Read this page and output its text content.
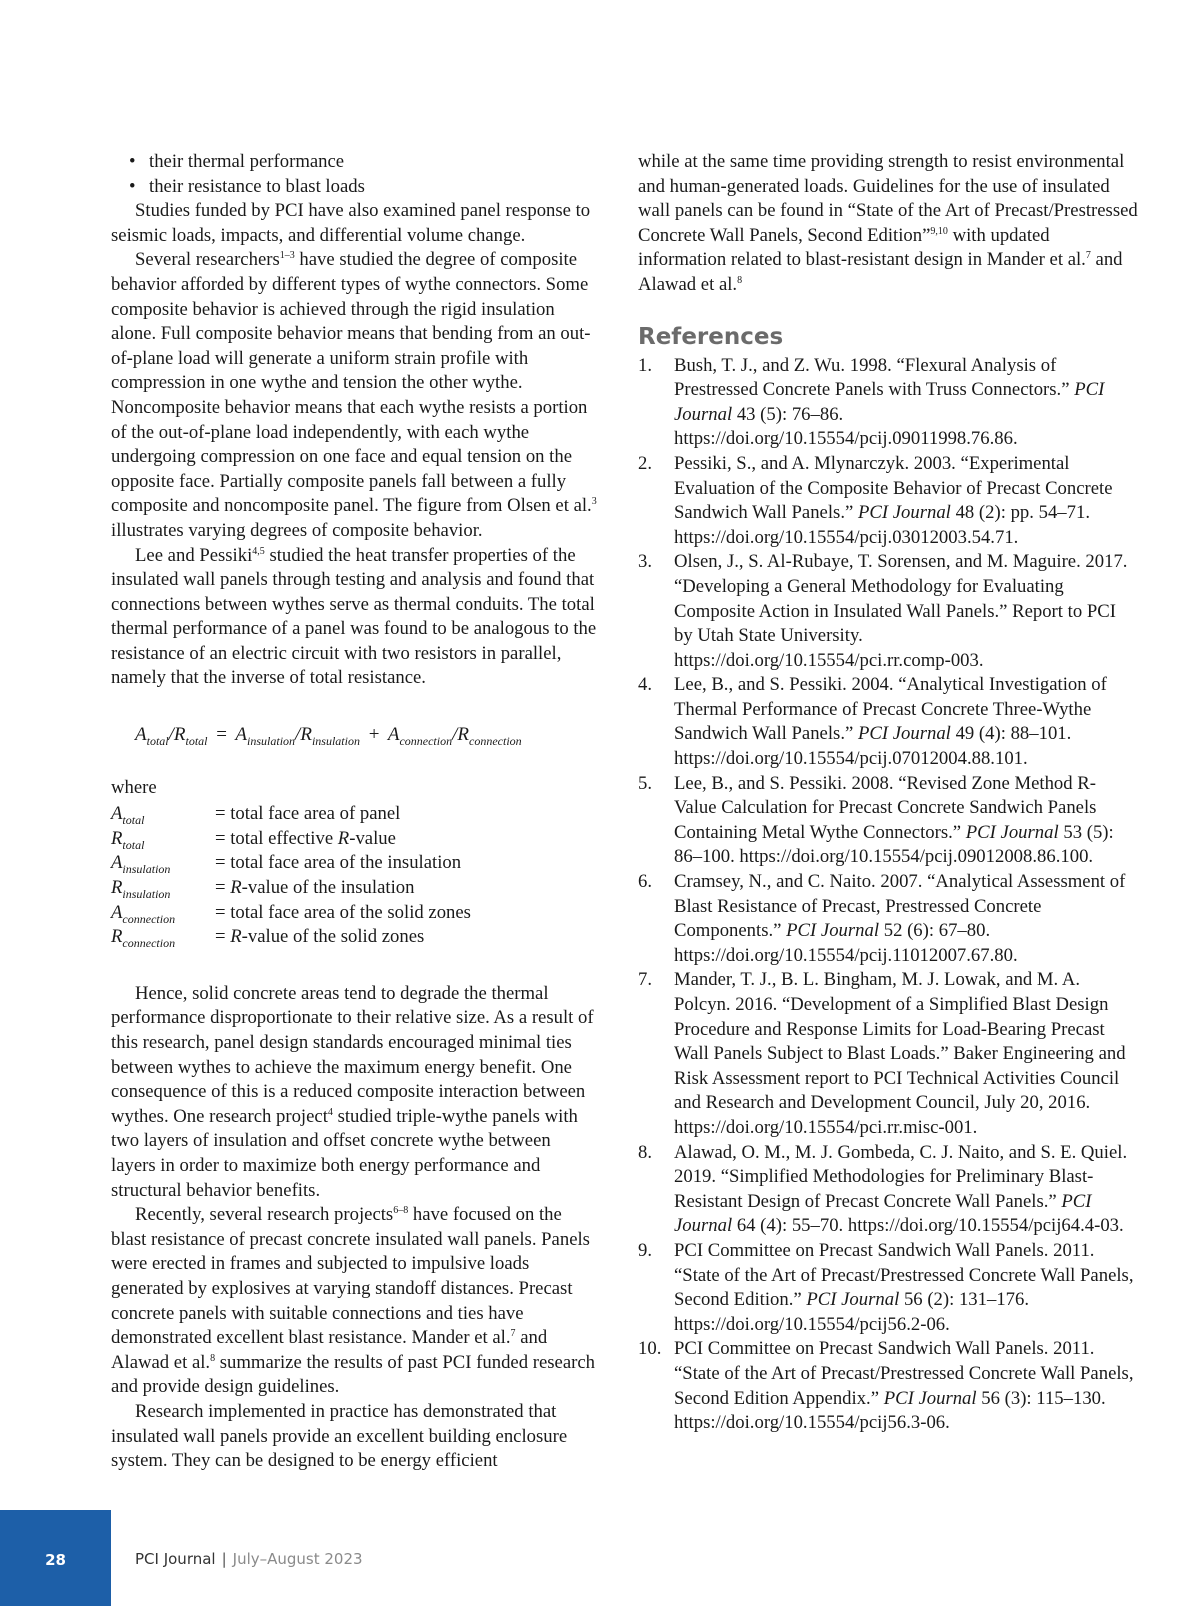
• their thermal performance
• their resistance to blast loads

Studies funded by PCI have also examined panel response to seismic loads, impacts, and differential volume change.

Several researchers$^{1-3}$ have studied the degree of composite behavior afforded by different types of wythe connectors. Some composite behavior is achieved through the rigid insulation alone. Full composite behavior means that bending from an out-of-plane load will generate a uniform strain profile with compression in one wythe and tension the other wythe. Noncomposite behavior means that each wythe resists a portion of the out-of-plane load independently, with each wythe undergoing compression on one face and equal tension on the opposite face. Partially composite panels fall between a fully composite and noncomposite panel. The figure from Olsen et al.$^3$ illustrates varying degrees of composite behavior.

Lee and Pessiki$^{4,5}$ studied the heat transfer properties of the insulated wall panels through testing and analysis and found that connections between wythes serve as thermal conduits. The total thermal performance of a panel was found to be analogous to the resistance of an electric circuit with two resistors in parallel, namely that the inverse of total resistance.

$A_{total}/R_{total} = A_{insulation}/R_{insulation} + A_{connection}/R_{connection}$

where

$A_{total}$	= total face area of panel
$R_{total}$	= total effective R-value
$A_{insulation}$	= total face area of the insulation
$R_{insulation}$	= R-value of the insulation
$A_{connection}$	= total face area of the solid zones
$R_{connection}$	= R-value of the solid zones

Hence, solid concrete areas tend to degrade the thermal performance disproportionate to their relative size. As a result of this research, panel design standards encouraged minimal ties between wythes to achieve the maximum energy benefit. One consequence of this is a reduced composite interaction between wythes. One research project$^4$ studied triple-wythe panels with two layers of insulation and offset concrete wythe between layers in order to maximize both energy performance and structural behavior benefits.

Recently, several research projects$^{6-8}$ have focused on the blast resistance of precast concrete insulated wall panels. Panels were erected in frames and subjected to impulsive loads generated by explosives at varying standoff distances. Precast concrete panels with suitable connections and ties have demonstrated excellent blast resistance. Mander et al.$^7$ and Alawad et al.$^8$ summarize the results of past PCI funded research and provide design guidelines.

Research implemented in practice has demonstrated that insulated wall panels provide an excellent building enclosure system. They can be designed to be energy efficient

while at the same time providing strength to resist environmental and human-generated loads. Guidelines for the use of insulated wall panels can be found in “State of the Art of Precast/Prestressed Concrete Wall Panels, Second Edition”$^{9,10}$ with updated information related to blast-resistant design in Mander et al.$^7$ and Alawad et al.$^8$

References
1.	Bush, T. J., and Z. Wu. 1998. “Flexural Analysis of Prestressed Concrete Panels with Truss Connectors.” PCI Journal 43 (5): 76–86. https://doi.org/10.15554/pcij.09011998.76.86.
2.	Pessiki, S., and A. Mlynarczyk. 2003. “Experimental Evaluation of the Composite Behavior of Precast Concrete Sandwich Wall Panels.” PCI Journal 48 (2): pp. 54–71. https://doi.org/10.15554/pcij.03012003.54.71.
3.	Olsen, J., S. Al-Rubaye, T. Sorensen, and M. Maguire. 2017. “Developing a General Methodology for Evaluating Composite Action in Insulated Wall Panels.” Report to PCI by Utah State University. https://doi.org/10.15554/pci.rr.comp-003.
4.	Lee, B., and S. Pessiki. 2004. “Analytical Investigation of Thermal Performance of Precast Concrete Three-Wythe Sandwich Wall Panels.” PCI Journal 49 (4): 88–101. https://doi.org/10.15554/pcij.07012004.88.101.
5.	Lee, B., and S. Pessiki. 2008. “Revised Zone Method R-Value Calculation for Precast Concrete Sandwich Panels Containing Metal Wythe Connectors.” PCI Journal 53 (5): 86–100. https://doi.org/10.15554/pcij.09012008.86.100.
6.	Cramsey, N., and C. Naito. 2007. “Analytical Assessment of Blast Resistance of Precast, Prestressed Concrete Components.” PCI Journal 52 (6): 67–80. https://doi.org/10.15554/pcij.11012007.67.80.
7.	Mander, T. J., B. L. Bingham, M. J. Lowak, and M. A. Polcyn. 2016. “Development of a Simplified Blast Design Procedure and Response Limits for Load-Bearing Precast Wall Panels Subject to Blast Loads.” Baker Engineering and Risk Assessment report to PCI Technical Activities Council and Research and Development Council, July 20, 2016. https://doi.org/10.15554/pci.rr.misc-001.
8.	Alawad, O. M., M. J. Gombeda, C. J. Naito, and S. E. Quiel. 2019. “Simplified Methodologies for Preliminary Blast-Resistant Design of Precast Concrete Wall Panels.” PCI Journal 64 (4): 55–70. https://doi.org/10.15554/pcij64.4-03.
9.	PCI Committee on Precast Sandwich Wall Panels. 2011. “State of the Art of Precast/Prestressed Concrete Wall Panels, Second Edition.” PCI Journal 56 (2): 131–176. https://doi.org/10.15554/pcij56.2-06.
10. PCI Committee on Precast Sandwich Wall Panels. 2011. “State of the Art of Precast/Prestressed Concrete Wall Panels, Second Edition Appendix.” PCI Journal 56 (3): 115–130. https://doi.org/10.15554/pcij56.3-06.
28	PCI Journal | July–August 2023
